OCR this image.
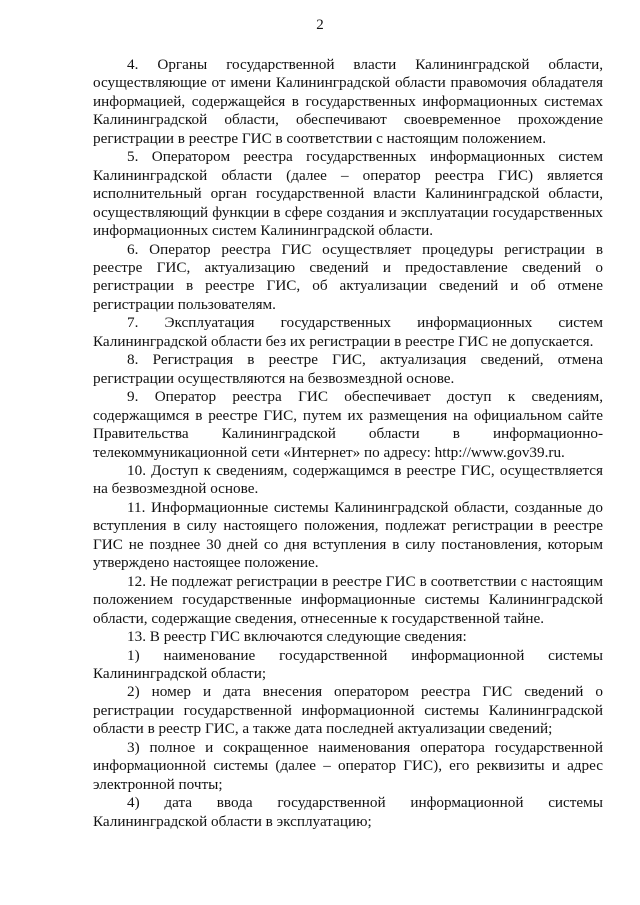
2

4. Органы государственной власти Калининградской области, осуществляющие от имени Калининградской области правомочия обладателя информацией, содержащейся в государственных информационных системах Калининградской области, обеспечивают своевременное прохождение регистрации в реестре ГИС в соответствии с настоящим положением.

5. Оператором реестра государственных информационных систем Калининградской области (далее – оператор реестра ГИС) является исполнительный орган государственной власти Калининградской области, осуществляющий функции в сфере создания и эксплуатации государственных информационных систем Калининградской области.

6. Оператор реестра ГИС осуществляет процедуры регистрации в реестре ГИС, актуализацию сведений и предоставление сведений о регистрации в реестре ГИС, об актуализации сведений и об отмене регистрации пользователям.

7. Эксплуатация государственных информационных систем Калининградской области без их регистрации в реестре ГИС не допускается.

8. Регистрация в реестре ГИС, актуализация сведений, отмена регистрации осуществляются на безвозмездной основе.

9. Оператор реестра ГИС обеспечивает доступ к сведениям, содержащимся в реестре ГИС, путем их размещения на официальном сайте Правительства Калининградской области в информационно-телекоммуникационной сети «Интернет» по адресу: http://www.gov39.ru.

10. Доступ к сведениям, содержащимся в реестре ГИС, осуществляется на безвозмездной основе.

11. Информационные системы Калининградской области, созданные до вступления в силу настоящего положения, подлежат регистрации в реестре ГИС не позднее 30 дней со дня вступления в силу постановления, которым утверждено настоящее положение.

12. Не подлежат регистрации в реестре ГИС в соответствии с настоящим положением государственные информационные системы Калининградской области, содержащие сведения, отнесенные к государственной тайне.

13. В реестр ГИС включаются следующие сведения:

1) наименование государственной информационной системы Калининградской области;

2) номер и дата внесения оператором реестра ГИС сведений о регистрации государственной информационной системы Калининградской области в реестр ГИС, а также дата последней актуализации сведений;

3) полное и сокращенное наименования оператора государственной информационной системы (далее – оператор ГИС), его реквизиты и адрес электронной почты;

4) дата ввода государственной информационной системы Калининградской области в эксплуатацию;
